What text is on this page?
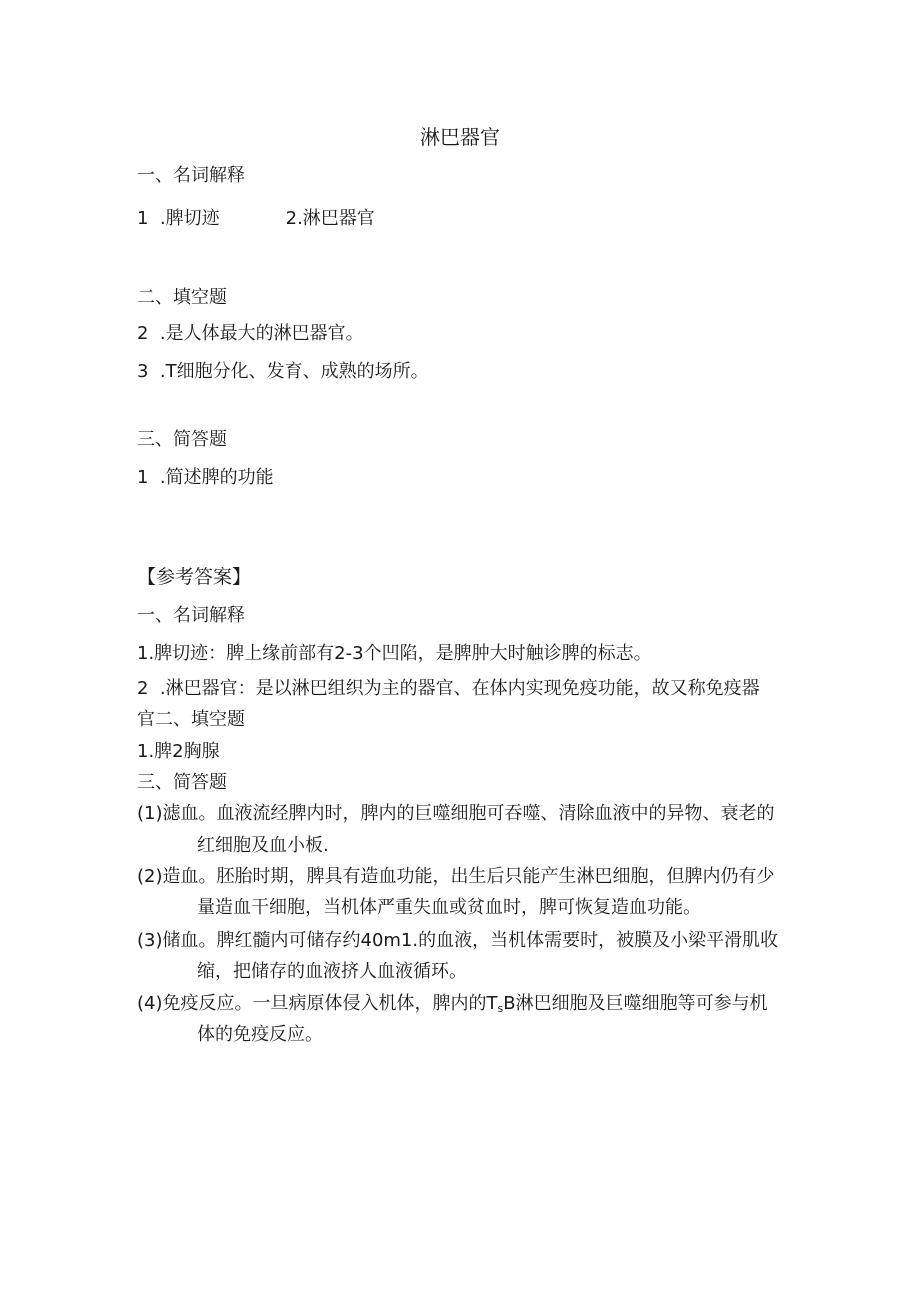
淋巴器官
一、名词解释
1  .脾切迹	2.淋巴器官
二、填空题
2  .是人体最大的淋巴器官。
3  .T细胞分化、发育、成熟的场所。
三、简答题
1  .简述脾的功能
【参考答案】
一、名词解释
1.脾切迹：脾上缘前部有2-3个凹陷，是脾肿大时触诊脾的标志。
2  .淋巴器官：是以淋巴组织为主的器官、在体内实现免疫功能，故又称免疫器
官二、填空题
1.脾2胸腺
三、简答题
(1)滤血。血液流经脾内时，脾内的巨噬细胞可吞噬、清除血液中的异物、衰老的
红细胞及血小板.
(2)造血。胚胎时期，脾具有造血功能，出生后只能产生淋巴细胞，但脾内仍有少
量造血干细胞，当机体严重失血或贫血时，脾可恢复造血功能。
(3)储血。脾红髓内可储存约40m1.的血液，当机体需要时，被膜及小梁平滑肌收
缩，把储存的血液挤人血液循环。
(4)免疫反应。一旦病原体侵入机体，脾内的$T_sB$淋巴细胞及巨噬细胞等可参与机
体的免疫反应。
